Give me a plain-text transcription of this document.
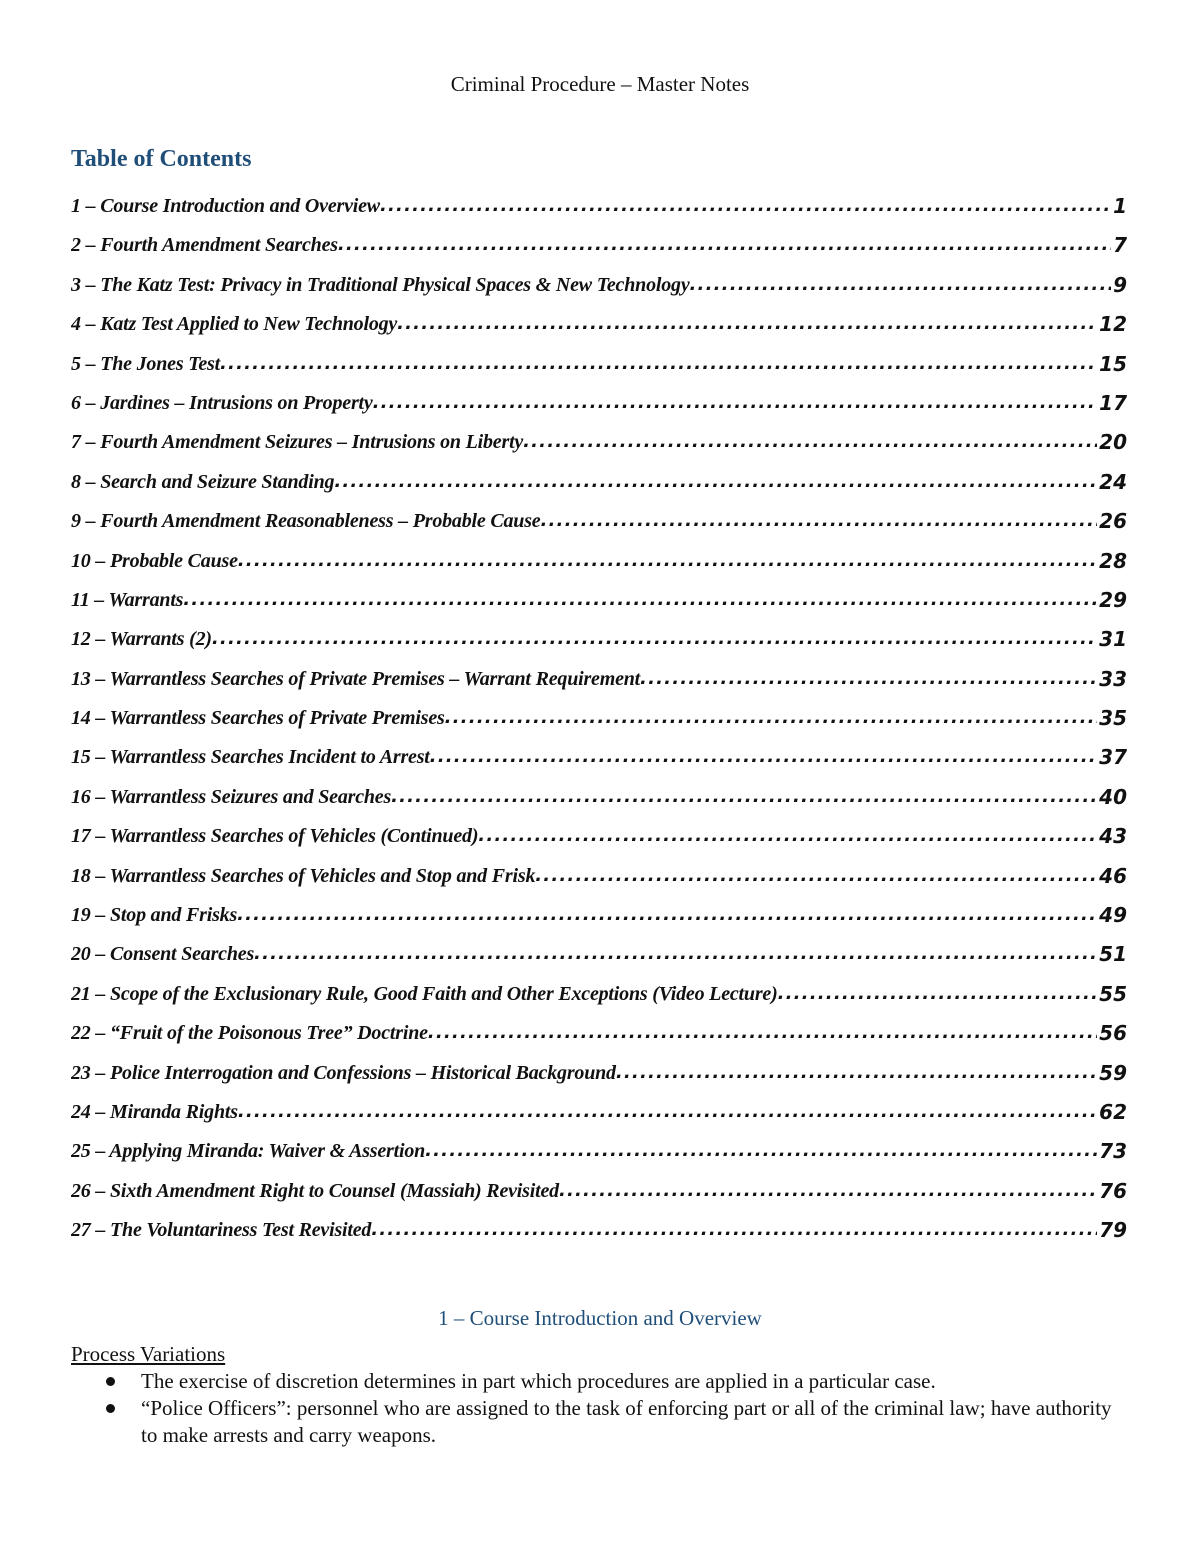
Criminal Procedure – Master Notes
Table of Contents
1 – Course Introduction and Overview .....	1
2 – Fourth Amendment Searches .....	7
3 – The Katz Test: Privacy in Traditional Physical Spaces & New Technology .....	9
4 – Katz Test Applied to New Technology .....	12
5 – The Jones Test .....	15
6 – Jardines – Intrusions on Property .....	17
7 – Fourth Amendment Seizures – Intrusions on Liberty .....	20
8 – Search and Seizure Standing .....	24
9 – Fourth Amendment Reasonableness – Probable Cause .....	26
10 – Probable Cause .....	28
11 – Warrants .....	29
12 – Warrants (2) .....	31
13 – Warrantless Searches of Private Premises – Warrant Requirement .....	33
14 – Warrantless Searches of Private Premises .....	35
15 – Warrantless Searches Incident to Arrest .....	37
16 – Warrantless Seizures and Searches .....	40
17 – Warrantless Searches of Vehicles (Continued) .....	43
18 – Warrantless Searches of Vehicles and Stop and Frisk .....	46
19 – Stop and Frisks .....	49
20 – Consent Searches .....	51
21 – Scope of the Exclusionary Rule, Good Faith and Other Exceptions (Video Lecture) .....	55
22 – “Fruit of the Poisonous Tree” Doctrine .....	56
23 – Police Interrogation and Confessions – Historical Background .....	59
24 – Miranda Rights .....	62
25 – Applying Miranda: Waiver & Assertion .....	73
26 – Sixth Amendment Right to Counsel (Massiah) Revisited .....	76
27 – The Voluntariness Test Revisited .....	79
1 – Course Introduction and Overview
Process Variations
The exercise of discretion determines in part which procedures are applied in a particular case.
“Police Officers”: personnel who are assigned to the task of enforcing part or all of the criminal law; have authority to make arrests and carry weapons.
